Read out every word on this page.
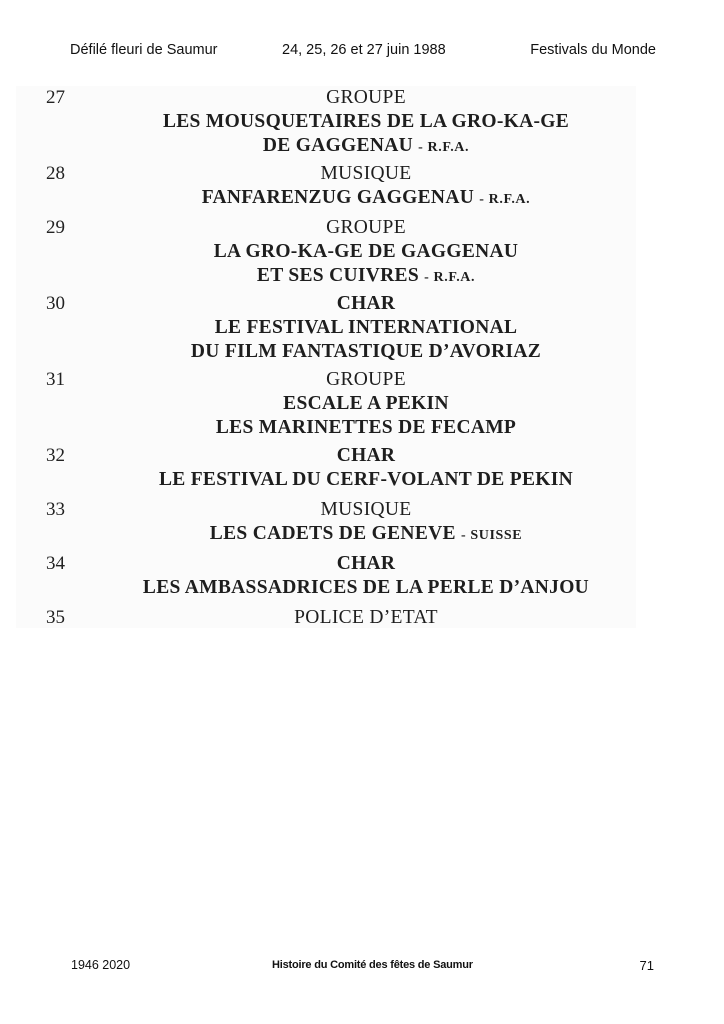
Défilé fleuri de Saumur	24, 25, 26 et 27 juin 1988	Festivals du Monde
27	GROUPE
LES MOUSQUETAIRES DE LA GRO-KA-GE
DE GAGGENAU - R.F.A.
28	MUSIQUE
FANFARENZUG GAGGENAU - R.F.A.
29	GROUPE
LA GRO-KA-GE DE GAGGENAU
ET SES CUIVRES - R.F.A.
30	CHAR
LE FESTIVAL INTERNATIONAL
DU FILM FANTASTIQUE D’AVORIAZ
31	GROUPE
ESCALE A PEKIN
LES MARINETTES DE FECAMP
32	CHAR
LE FESTIVAL DU CERF-VOLANT DE PEKIN
33	MUSIQUE
LES CADETS DE GENEVE - SUISSE
34	CHAR
LES AMBASSADRICES DE LA PERLE D’ANJOU
35	POLICE D’ETAT
1946 2020	Histoire du Comité des fêtes de Saumur	71
